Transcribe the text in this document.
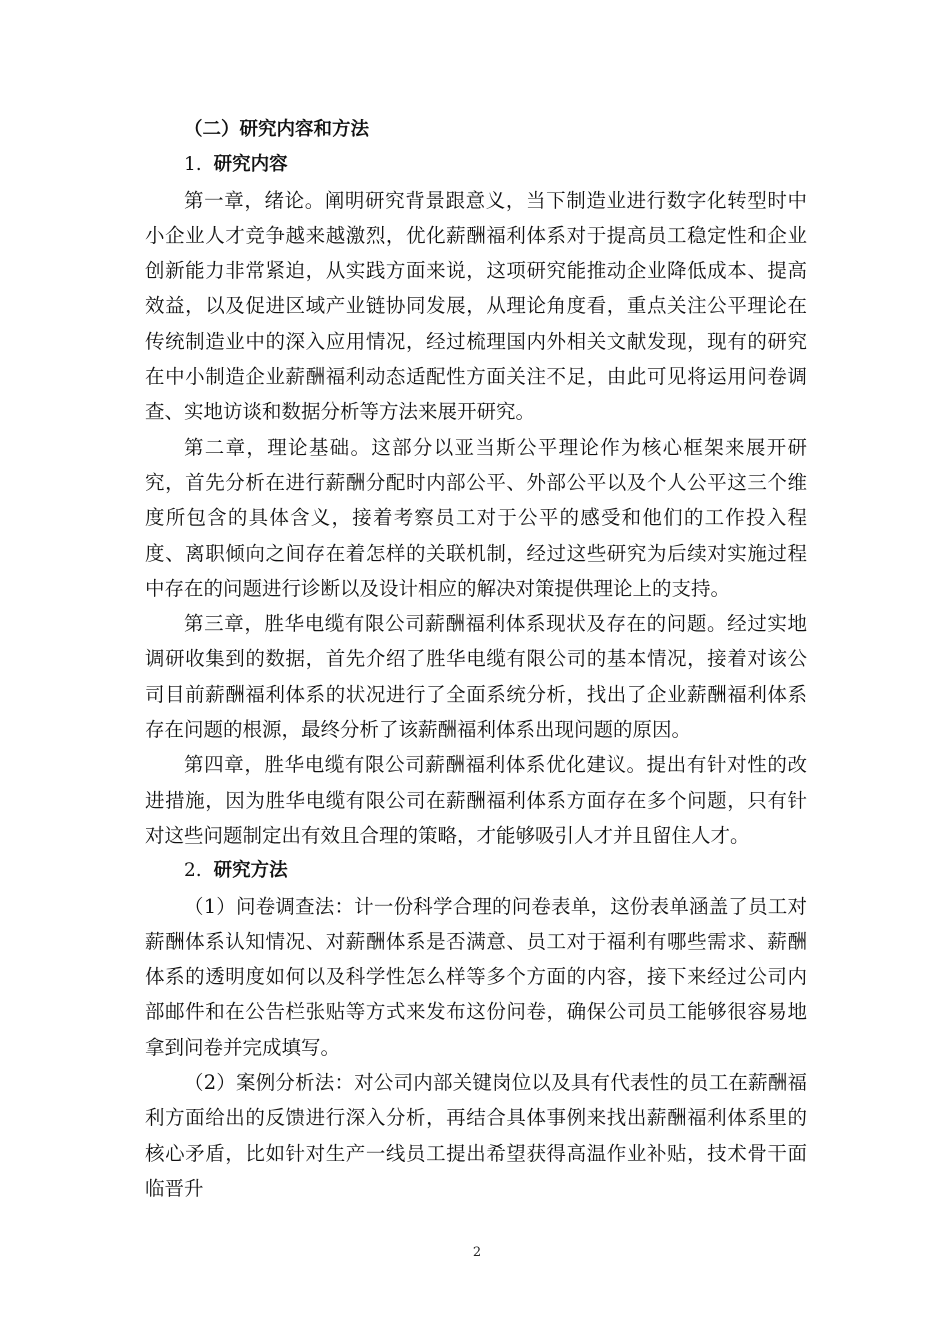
（二）研究内容和方法

1. 研究内容

第一章，绪论。阐明研究背景跟意义，当下制造业进行数字化转型时中小企业人才竞争越来越激烈，优化薪酬福利体系对于提高员工稳定性和企业创新能力非常紧迫，从实践方面来说，这项研究能推动企业降低成本、提高效益，以及促进区域产业链协同发展，从理论角度看，重点关注公平理论在传统制造业中的深入应用情况，经过梳理国内外相关文献发现，现有的研究在中小制造企业薪酬福利动态适配性方面关注不足，由此可见将运用问卷调查、实地访谈和数据分析等方法来展开研究。

第二章，理论基础。这部分以亚当斯公平理论作为核心框架来展开研究，首先分析在进行薪酬分配时内部公平、外部公平以及个人公平这三个维度所包含的具体含义，接着考察员工对于公平的感受和他们的工作投入程度、离职倾向之间存在着怎样的关联机制，经过这些研究为后续对实施过程中存在的问题进行诊断以及设计相应的解决对策提供理论上的支持。

第三章，胜华电缆有限公司薪酬福利体系现状及存在的问题。经过实地调研收集到的数据，首先介绍了胜华电缆有限公司的基本情况，接着对该公司目前薪酬福利体系的状况进行了全面系统分析，找出了企业薪酬福利体系存在问题的根源，最终分析了该薪酬福利体系出现问题的原因。

第四章，胜华电缆有限公司薪酬福利体系优化建议。提出有针对性的改进措施，因为胜华电缆有限公司在薪酬福利体系方面存在多个问题，只有针对这些问题制定出有效且合理的策略，才能够吸引人才并且留住人才。

2. 研究方法

（1）问卷调查法：计一份科学合理的问卷表单，这份表单涵盖了员工对薪酬体系认知情况、对薪酬体系是否满意、员工对于福利有哪些需求、薪酬体系的透明度如何以及科学性怎么样等多个方面的内容，接下来经过公司内部邮件和在公告栏张贴等方式来发布这份问卷，确保公司员工能够很容易地拿到问卷并完成填写。

（2）案例分析法：对公司内部关键岗位以及具有代表性的员工在薪酬福利方面给出的反馈进行深入分析，再结合具体事例来找出薪酬福利体系里的核心矛盾，比如针对生产一线员工提出希望获得高温作业补贴，技术骨干面临晋升

2
